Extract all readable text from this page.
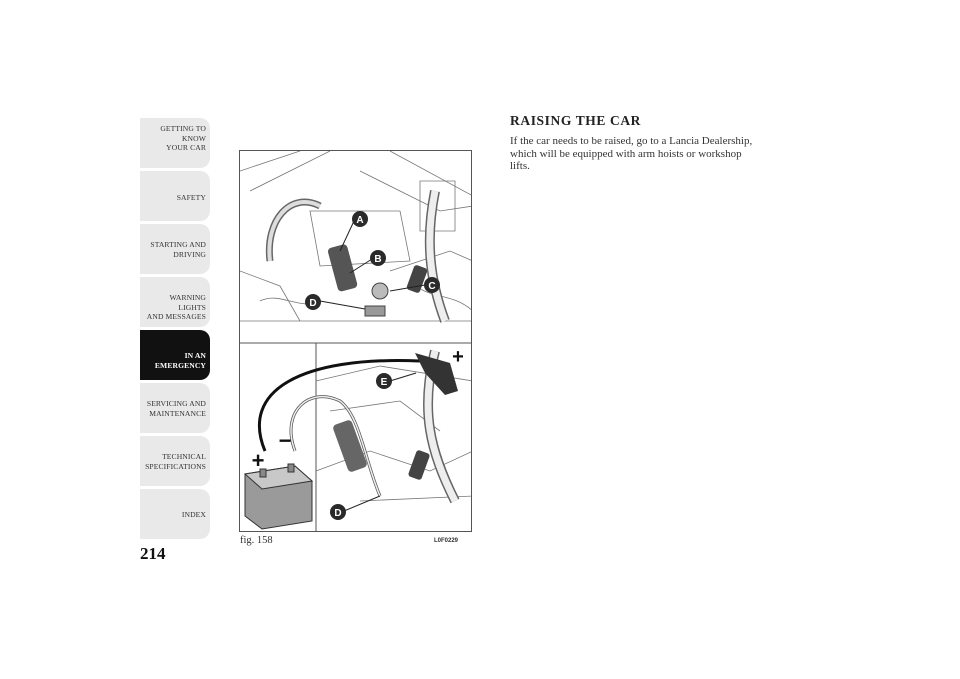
GETTING TO KNOW
YOUR CAR
SAFETY
STARTING AND
DRIVING
WARNING LIGHTS
AND MESSAGES
IN AN EMERGENCY
SERVICING AND
MAINTENANCE
TECHNICAL
SPECIFICATIONS
INDEX
214
A
B
C
D
E
D
+
+
−
fig. 158	L0F0229
RAISING THE CAR
If the car needs to be raised, go to a Lancia Dealership, which will be equipped with arm hoists or workshop lifts.
